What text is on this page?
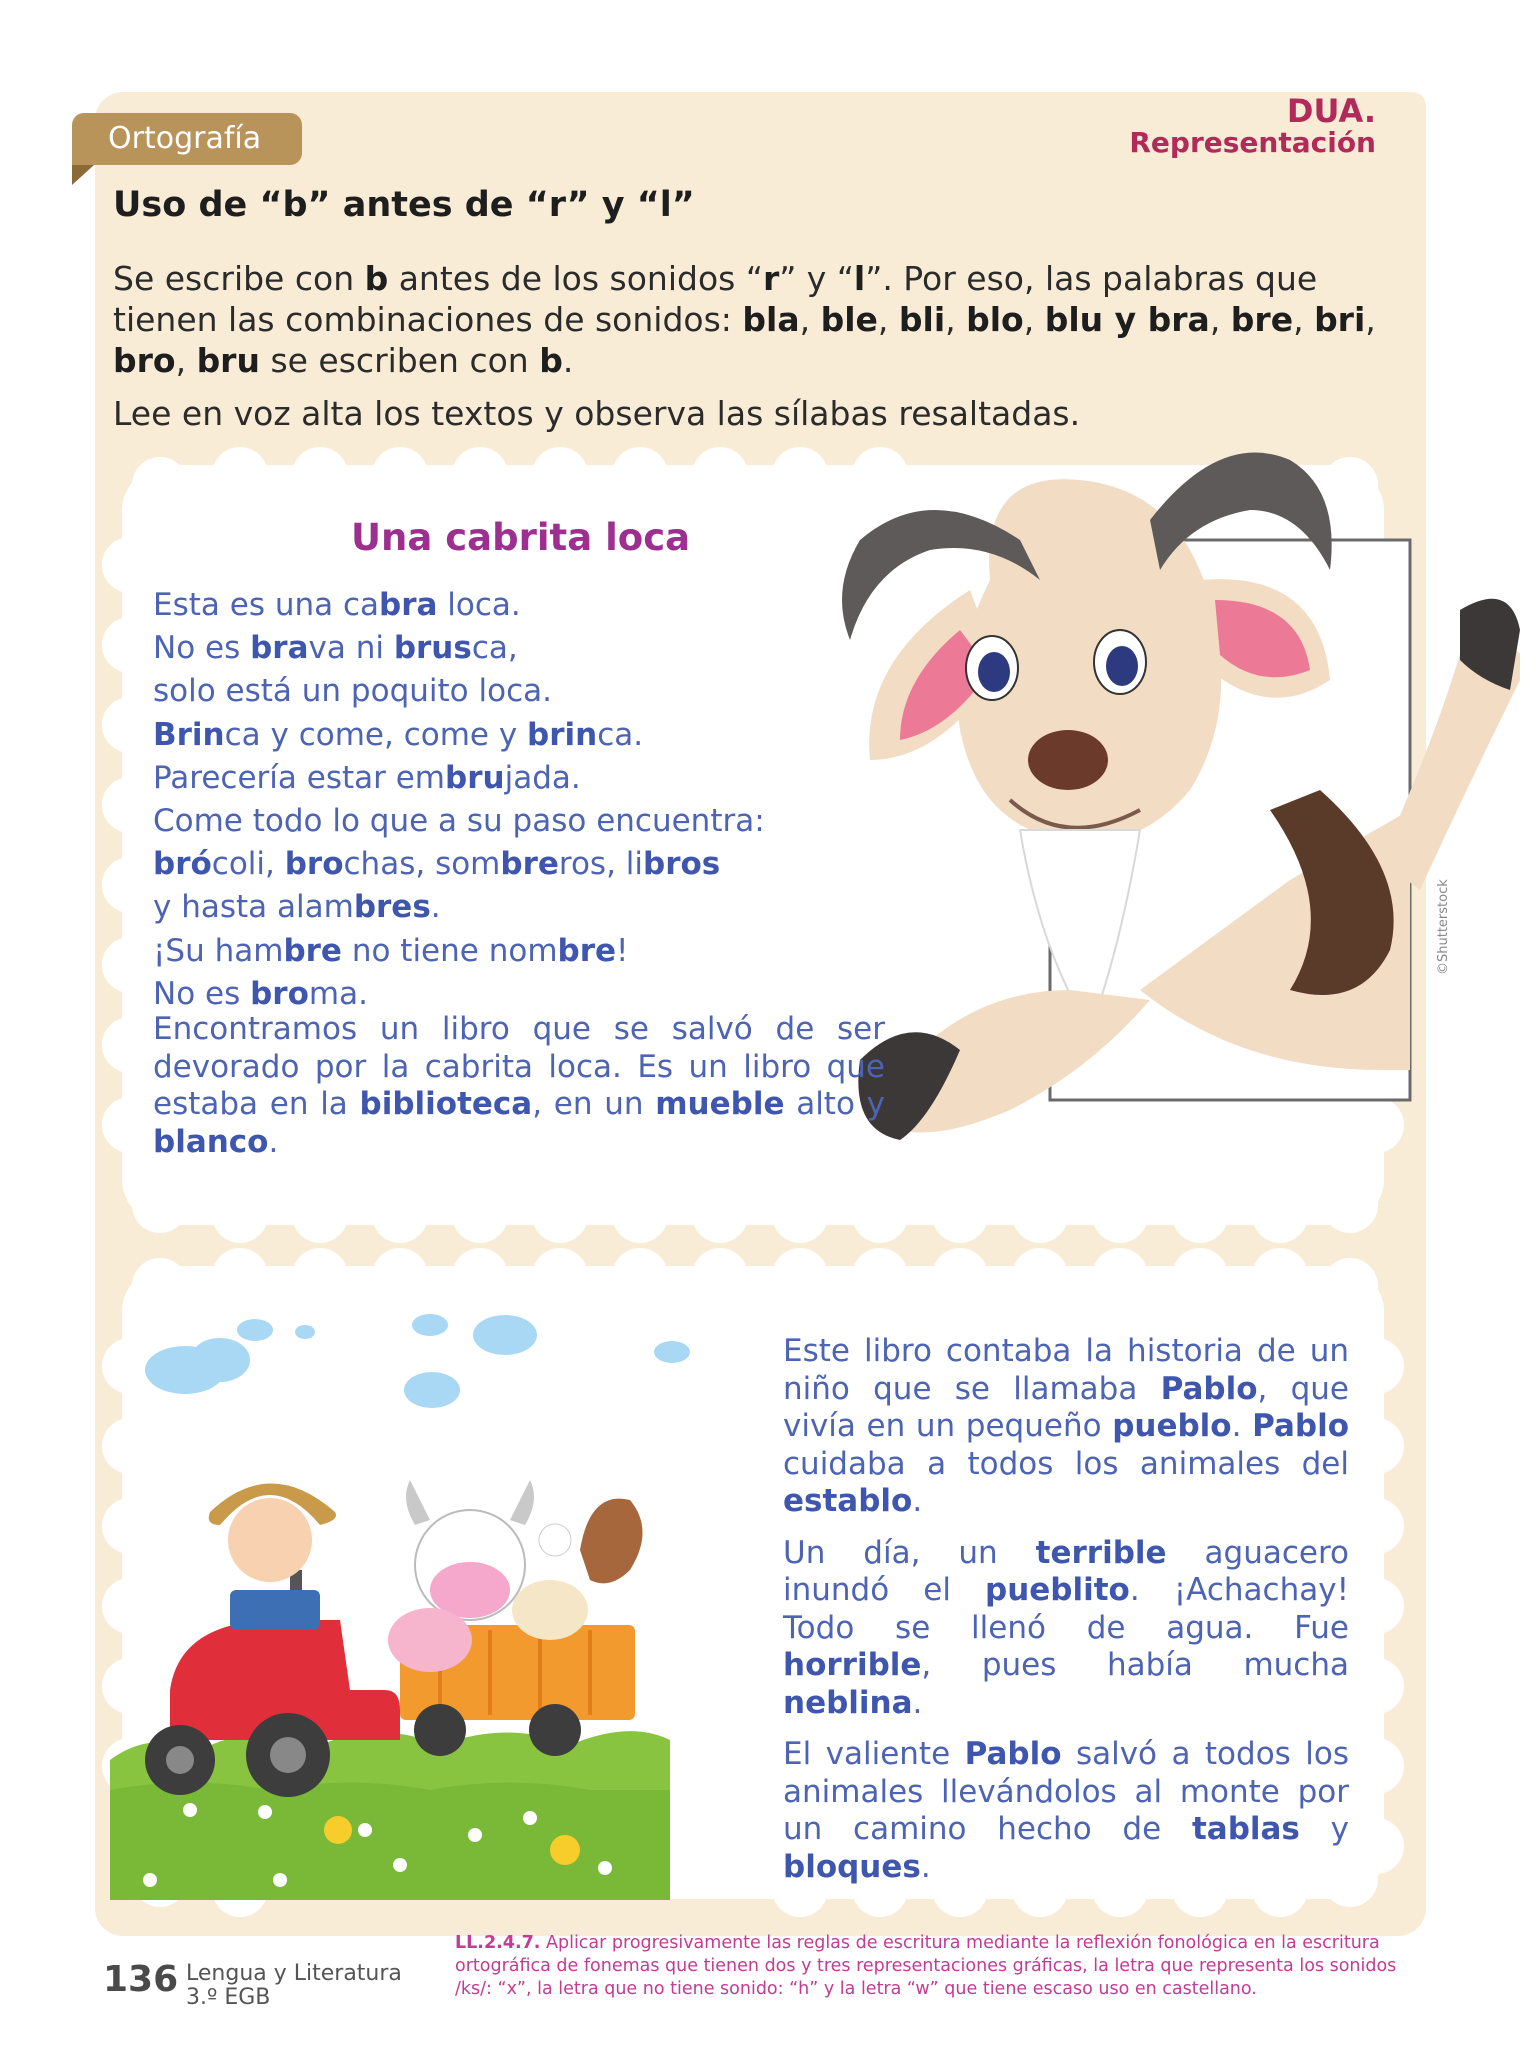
DUA.
Representación
Ortografía
Uso de “b” antes de “r” y “l”
Se escribe con b antes de los sonidos “r” y “l”. Por eso, las palabras que tienen las combinaciones de sonidos: bla, ble, bli, blo, blu y bra, bre, bri, bro, bru se escriben con b.
Lee en voz alta los textos y observa las sílabas resaltadas.
©Shutterstock
Una cabrita loca
Esta es una cabra loca.
No es brava ni brusca,
solo está un poquito loca.
Brinca y come, come y brinca.
Parecería estar embrujada.
Come todo lo que a su paso encuentra:
brócoli, brochas, sombreros, libros
y hasta alambres.
¡Su hambre no tiene nombre!
No es broma.
Encontramos un libro que se salvó de ser devorado por la cabrita loca. Es un libro que estaba en la biblioteca, en un mueble alto y blanco.

Este libro contaba la historia de un niño que se llamaba Pablo, que vivía en un pequeño pueblo. Pablo cuidaba a todos los animales del establo.

Un día, un terrible aguacero inundó el pueblito. ¡Achachay! Todo se llenó de agua. Fue horrible, pues había mucha neblina.

El valiente Pablo salvó a todos los animales llevándolos al monte por un camino hecho de tablas y bloques.

136 Lengua y Literatura
3.º EGB
LL.2.4.7. Aplicar progresivamente las reglas de escritura mediante la reflexión fonológica en la escritura ortográfica de fonemas que tienen dos y tres representaciones gráficas, la letra que representa los sonidos /ks/: “x”, la letra que no tiene sonido: “h” y la letra “w” que tiene escaso uso en castellano.
